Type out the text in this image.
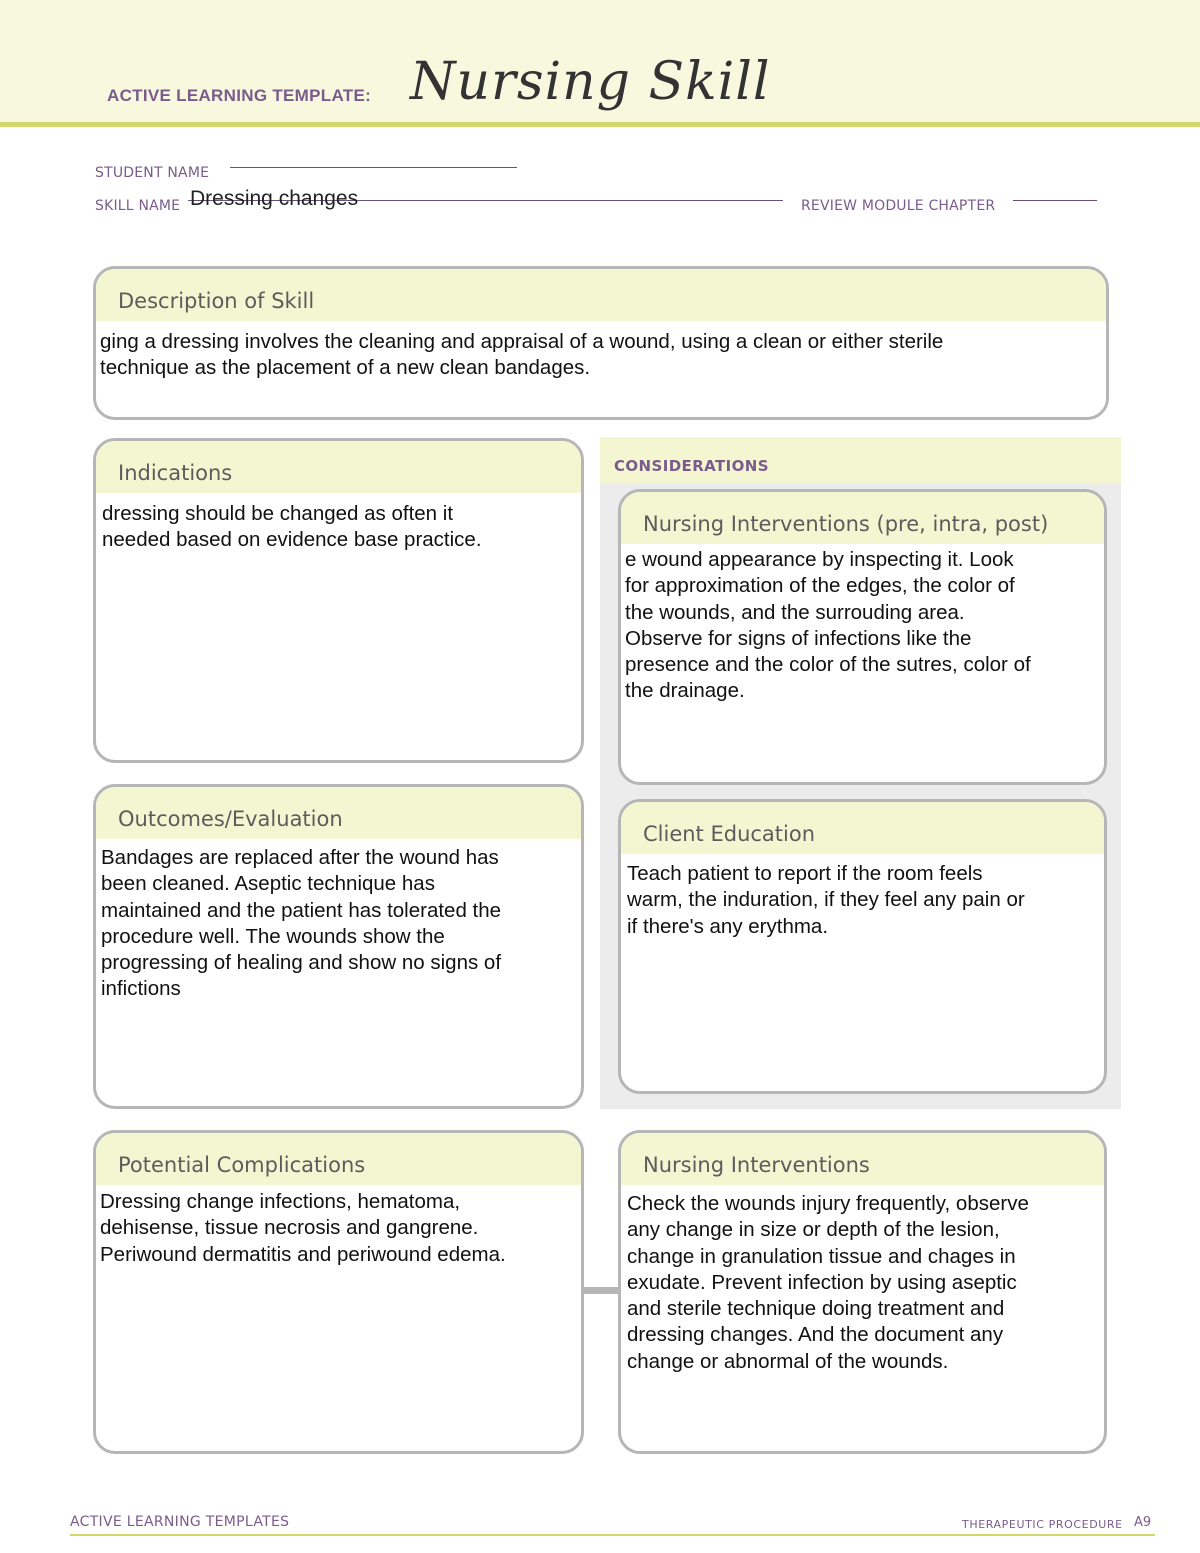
ACTIVE LEARNING TEMPLATE: Nursing Skill
STUDENT NAME
SKILL NAME Dressing changes	REVIEW MODULE CHAPTER
Description of Skill
ging a dressing involves the cleaning and appraisal of a wound, using a clean or either sterile
technique as the placement of a new clean bandages.
CONSIDERATIONS
Indications
dressing should be changed as often it
needed based on evidence base practice.
Outcomes/Evaluation
Bandages are replaced after the wound has
been cleaned. Aseptic technique has
maintained and the patient has tolerated the
procedure well. The wounds show the
progressing of healing and show no signs of
infictions
Nursing Interventions (pre, intra, post)
e wound appearance by inspecting it. Look
for approximation of the edges, the color of
the wounds, and the surrouding area.
Observe for signs of infections like the
presence and the color of the sutres, color of
the drainage.
Client Education
Teach patient to report if the room feels
warm, the induration, if they feel any pain or
if there's any erythma.
Potential Complications
Dressing change infections, hematoma,
dehisense, tissue necrosis and gangrene.
Periwound dermatitis and periwound edema.
Nursing Interventions
Check the wounds injury frequently, observe
any change in size or depth of the lesion,
change in granulation tissue and chages in
exudate. Prevent infection by using aseptic
and sterile technique doing treatment and
dressing changes. And the document any
change or abnormal of the wounds.
ACTIVE LEARNING TEMPLATES	THERAPEUTIC PROCEDURE A9
